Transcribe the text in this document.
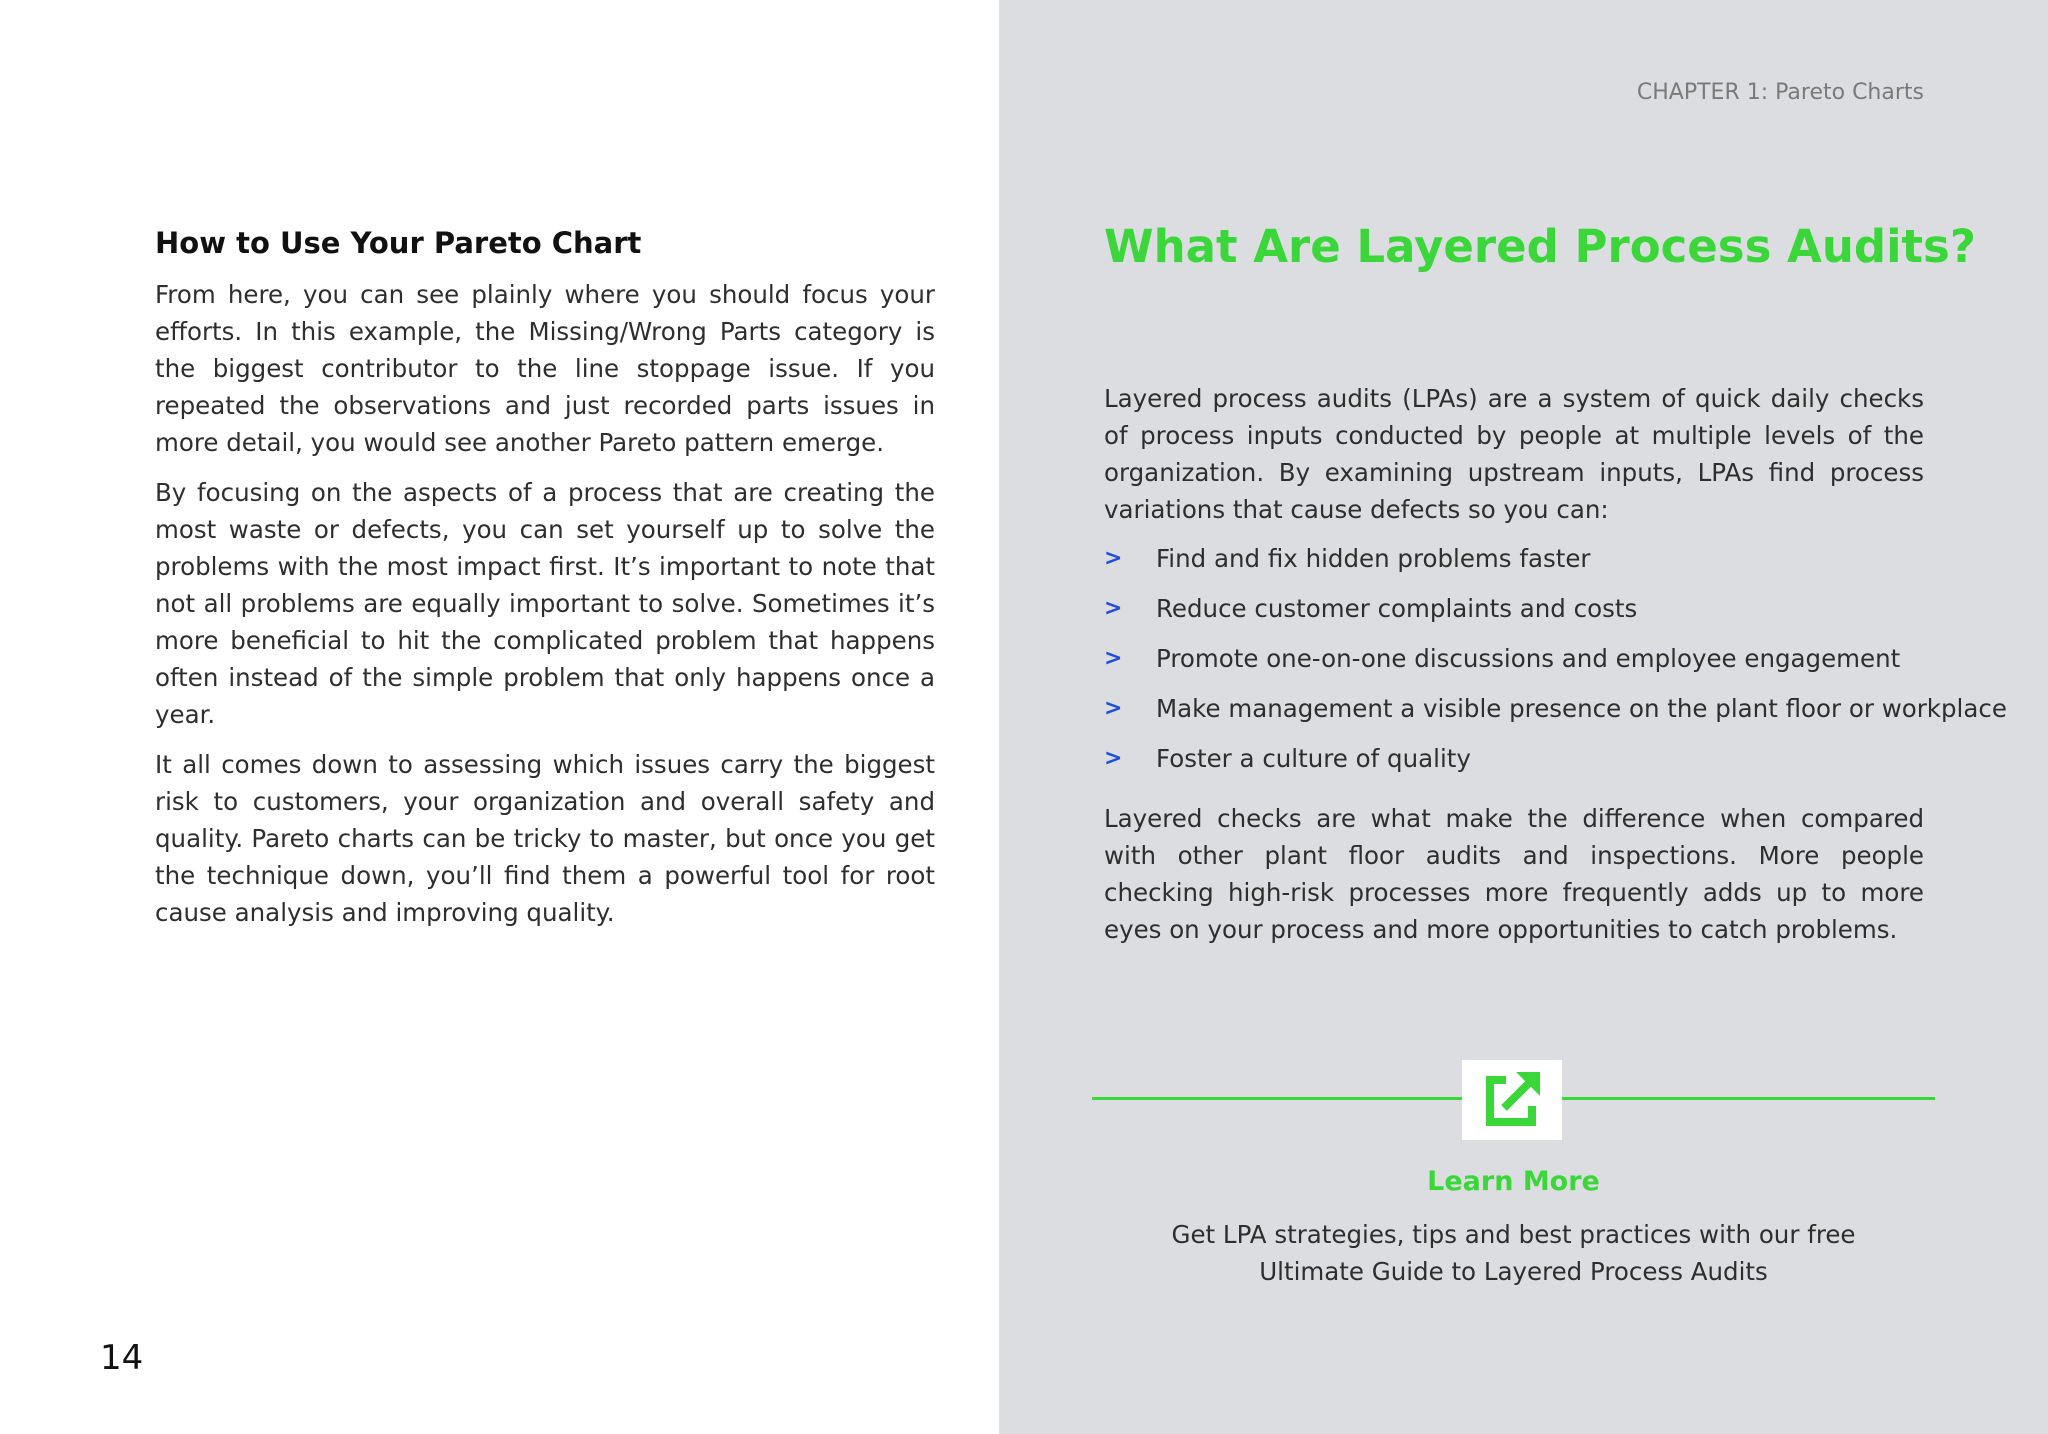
How to Use Your Pareto Chart

From here, you can see plainly where you should focus your efforts. In this example, the Missing/Wrong Parts category is the biggest contributor to the line stoppage issue. If you repeated the observations and just recorded parts issues in more detail, you would see another Pareto pattern emerge.

By focusing on the aspects of a process that are creating the most waste or defects, you can set yourself up to solve the problems with the most impact first. It’s important to note that not all problems are equally important to solve. Sometimes it’s more beneficial to hit the complicated problem that happens often instead of the simple problem that only happens once a year.

It all comes down to assessing which issues carry the biggest risk to customers, your organization and overall safety and quality. Pareto charts can be tricky to master, but once you get the technique down, you’ll find them a powerful tool for root cause analysis and improving quality.

14
CHAPTER 1: Pareto Charts
What Are Layered Process Audits?

Layered process audits (LPAs) are a system of quick daily checks of process inputs conducted by people at multiple levels of the organization. By examining upstream inputs, LPAs find process variations that cause defects so you can:

> Find and fix hidden problems faster
> Reduce customer complaints and costs
> Promote one-on-one discussions and employee engagement
> Make management a visible presence on the plant floor or workplace
> Foster a culture of quality

Layered checks are what make the difference when compared with other plant floor audits and inspections. More people checking high-risk processes more frequently adds up to more eyes on your process and more opportunities to catch problems.

Learn More
Get LPA strategies, tips and best practices with our free
Ultimate Guide to Layered Process Audits
